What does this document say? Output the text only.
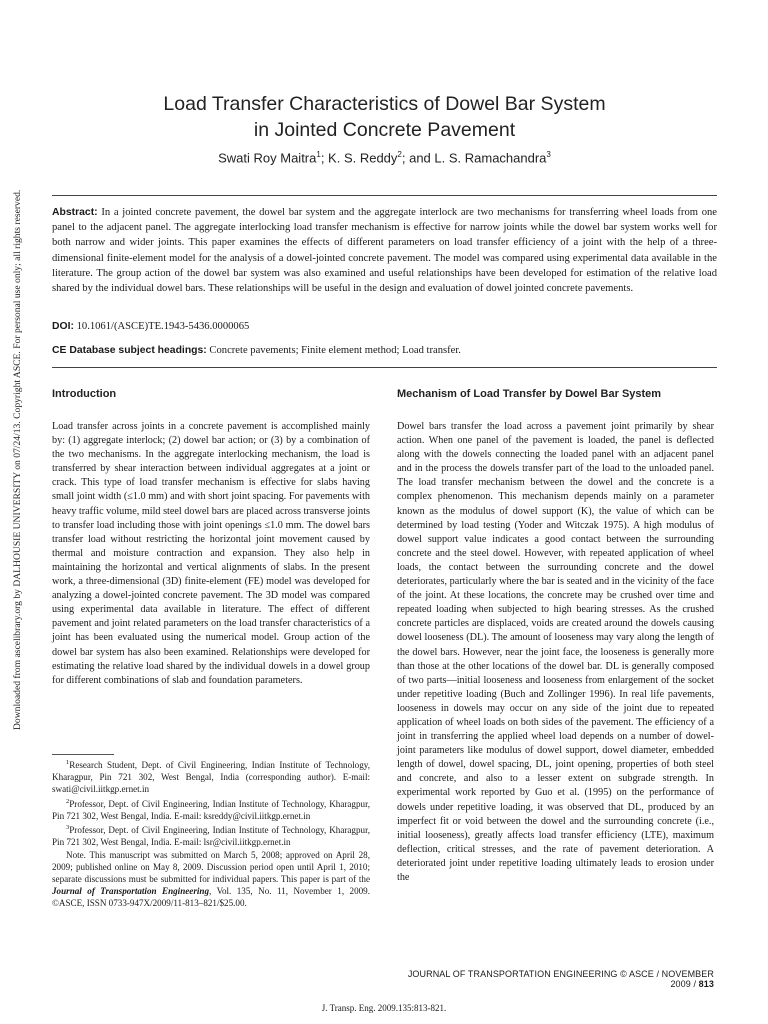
Downloaded from ascelibrary.org by DALHOUSIE UNIVERSITY on 07/24/13. Copyright ASCE. For personal use only; all rights reserved.
Load Transfer Characteristics of Dowel Bar System
in Jointed Concrete Pavement
Swati Roy Maitra$^1$; K. S. Reddy$^2$; and L. S. Ramachandra$^3$

Abstract: In a jointed concrete pavement, the dowel bar system and the aggregate interlock are two mechanisms for transferring wheel loads from one panel to the adjacent panel. The aggregate interlocking load transfer mechanism is effective for narrow joints while the dowel bar system works well for both narrow and wider joints. This paper examines the effects of different parameters on load transfer efficiency of a joint with the help of a three-dimensional finite-element model for the analysis of a dowel-jointed concrete pavement. The model was compared using experimental data available in the literature. The group action of the dowel bar system was also examined and useful relationships have been developed for estimation of the relative load shared by the individual dowel bars. These relationships will be useful in the design and evaluation of dowel jointed concrete pavements.

DOI: 10.1061/(ASCE)TE.1943-5436.0000065
CE Database subject headings: Concrete pavements; Finite element method; Load transfer.
Introduction

Load transfer across joints in a concrete pavement is accomplished mainly by: (1) aggregate interlock; (2) dowel bar action; or (3) by a combination of the two mechanisms. In the aggregate interlocking mechanism, the load is transferred by shear interaction between individual aggregates at a joint or crack. This type of load transfer mechanism is effective for slabs having small joint width (≤1.0 mm) and with short joint spacing. For pavements with heavy traffic volume, mild steel dowel bars are placed across transverse joints to transfer load including those with joint openings ≤1.0 mm. The dowel bars transfer load without restricting the horizontal joint movement caused by thermal and moisture contraction and expansion. They also help in maintaining the horizontal and vertical alignments of slabs. In the present work, a three-dimensional (3D) finite-element (FE) model was developed for analyzing a dowel-jointed concrete pavement. The 3D model was compared using experimental data available in literature. The effect of different pavement and joint related parameters on the load transfer characteristics of a joint has been evaluated using the numerical model. Group action of the dowel bar system has also been examined. Relationships were developed for estimating the relative load shared by the individual dowels in a dowel group for different combinations of slab and foundation parameters.

$^1$Research Student, Dept. of Civil Engineering, Indian Institute of Technology, Kharagpur, Pin 721 302, West Bengal, India (corresponding author). E-mail: swati@civil.iitkgp.ernet.in

$^2$Professor, Dept. of Civil Engineering, Indian Institute of Technology, Kharagpur, Pin 721 302, West Bengal, India. E-mail: ksreddy@civil.iitkgp.ernet.in

$^3$Professor, Dept. of Civil Engineering, Indian Institute of Technology, Kharagpur, Pin 721 302, West Bengal, India. E-mail: lsr@civil.iitkgp.ernet.in

Note. This manuscript was submitted on March 5, 2008; approved on April 28, 2009; published online on May 8, 2009. Discussion period open until April 1, 2010; separate discussions must be submitted for individual papers. This paper is part of the Journal of Transportation Engineering, Vol. 135, No. 11, November 1, 2009. ©ASCE, ISSN 0733-947X/2009/11-813–821/$25.00.

Mechanism of Load Transfer by Dowel Bar System

Dowel bars transfer the load across a pavement joint primarily by shear action. When one panel of the pavement is loaded, the panel is deflected along with the dowels connecting the loaded panel with an adjacent panel and in the process the dowels transfer part of the load to the unloaded panel. The load transfer mechanism between the dowel and the concrete is a complex phenomenon. This mechanism depends mainly on a parameter known as the modulus of dowel support (K), the value of which can be determined by load testing (Yoder and Witczak 1975). A high modulus of dowel support value indicates a good contact between the surrounding concrete and the steel dowel. However, with repeated application of wheel loads, the contact between the surrounding concrete and the dowel deteriorates, particularly where the bar is seated and in the vicinity of the face of the joint. At these locations, the concrete may be crushed over time and repeated loading when subjected to high bearing stresses. As the crushed concrete particles are displaced, voids are created around the dowels causing dowel looseness (DL). The amount of looseness may vary along the length of the dowel bars. However, near the joint face, the looseness is generally more than those at the other locations of the dowel bar. DL is generally composed of two parts—initial looseness and looseness from enlargement of the socket under repetitive loading (Buch and Zollinger 1996). In real life pavements, looseness in dowels may occur on any side of the joint due to repeated application of wheel loads on both sides of the pavement. The efficiency of a joint in transferring the applied wheel load depends on a number of dowel-joint parameters like modulus of dowel support, dowel diameter, embedded length of dowel, dowel spacing, DL, joint opening, properties of both steel and concrete, and also to a lesser extent on subgrade strength. In experimental work reported by Guo et al. (1995) on the performance of dowels under repetitive loading, it was observed that DL, produced by an imperfect fit or void between the dowel and the surrounding concrete (i.e., initial looseness), greatly affects load transfer efficiency (LTE), maximum deflection, critical stresses, and the rate of pavement deterioration. A deteriorated joint under repetitive loading ultimately leads to erosion under the

JOURNAL OF TRANSPORTATION ENGINEERING © ASCE / NOVEMBER 2009 / 813
J. Transp. Eng. 2009.135:813-821.
